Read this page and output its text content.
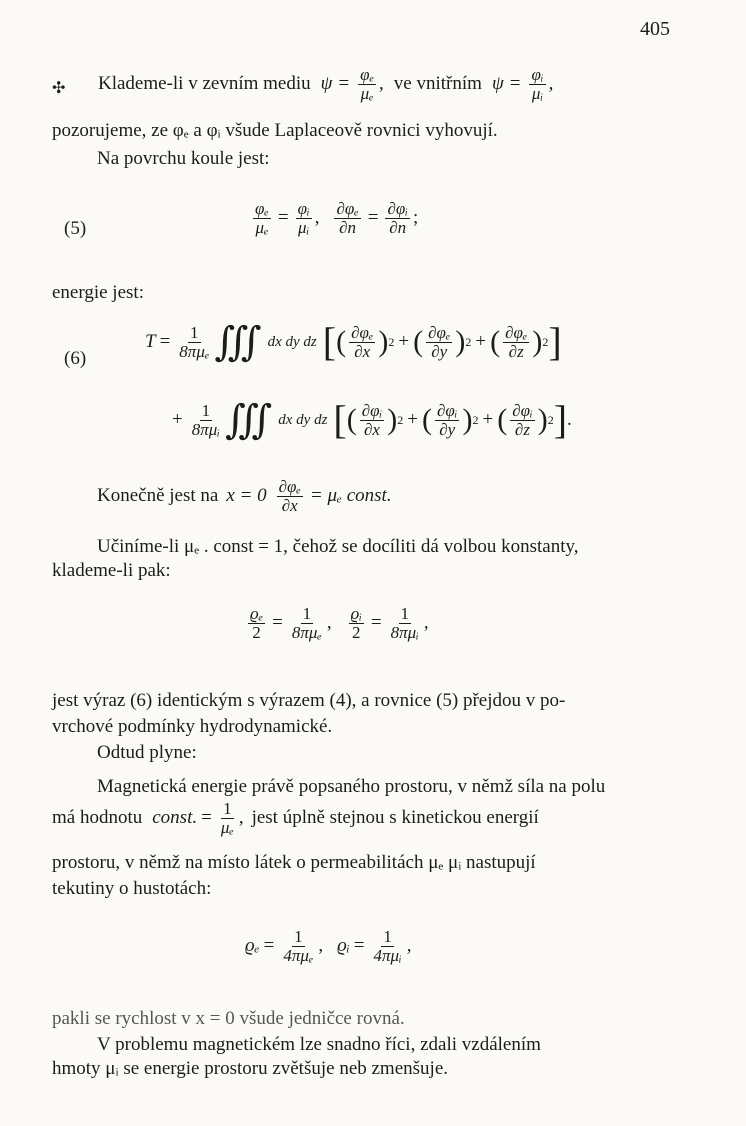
405
✣ Klademe-li v zevním mediu $\psi = \frac{\text{φₑ}}{\text{μₑ}}$ , ve vnitřním $\psi = \frac{\text{φᵢ}}{\text{μᵢ}}$ ,
pozorujeme, ze φₑ a φᵢ všude Laplaceově rovnici vyhovují.
Na povrchu koule jest:
(5)	$\frac{\text{φₑ}}{\text{μₑ}} = \frac{\text{φᵢ}}{\text{μᵢ}}$ , $\frac{\text{∂φₑ}}{\partial n} = \frac{\text{∂φᵢ}}{\partial n}$ ;
energie jest:
(6)
$T = \frac{1}{\text{8πμₑ}}$ ∭ dx dy dz [ ( $\frac{\text{∂φₑ}}{\partial x}$ ) 2 + ( $\frac{\text{∂φₑ}}{\partial y}$ ) 2 + ( $\frac{\text{∂φₑ}}{\partial z}$ ) 2 ]
+ $\frac{1}{\text{8πμᵢ}}$ ∭ dx dy dz [ ( $\frac{\text{∂φᵢ}}{\partial x}$ ) 2 + ( $\frac{\text{∂φᵢ}}{\partial y}$ ) 2 + ( $\frac{\text{∂φᵢ}}{\partial z}$ ) 2 ] .
Konečně jest na $x = 0 \frac{\text{∂φₑ}}{\partial x} = \mu_e$ const.
Učiníme-li μₑ . const = 1, čehož se docíliti dá volbou konstanty,
klademe-li pak:
$\frac{\text{ϱₑ}}{2} = \frac{1}{\text{8πμₑ}}$ , $\frac{\text{ϱᵢ}}{2} = \frac{1}{\text{8πμᵢ}}$ ,
jest výraz (6) identickým s výrazem (4), a rovnice (5) přejdou v po-
vrchové podmínky hydrodynamické.
Odtud plyne:
Magnetická energie právě popsaného prostoru, v němž síla na polu
má hodnotu const. = $\frac{1}{\text{μₑ}}$ , jest úplně stejnou s kinetickou energií
prostoru, v němž na místo látek o permeabilitách μₑ μᵢ nastupují
tekutiny o hustotách:
$ϱ_e = \frac{1}{\text{4πμₑ}}$ , ϱᵢ = $\frac{1}{\text{4πμᵢ}}$ ,
pakli se rychlost v x = 0 všude jedničce rovná.
V problemu magnetickém lze snadno říci, zdali vzdálením
hmoty μᵢ se energie prostoru zvětšuje neb zmenšuje.
